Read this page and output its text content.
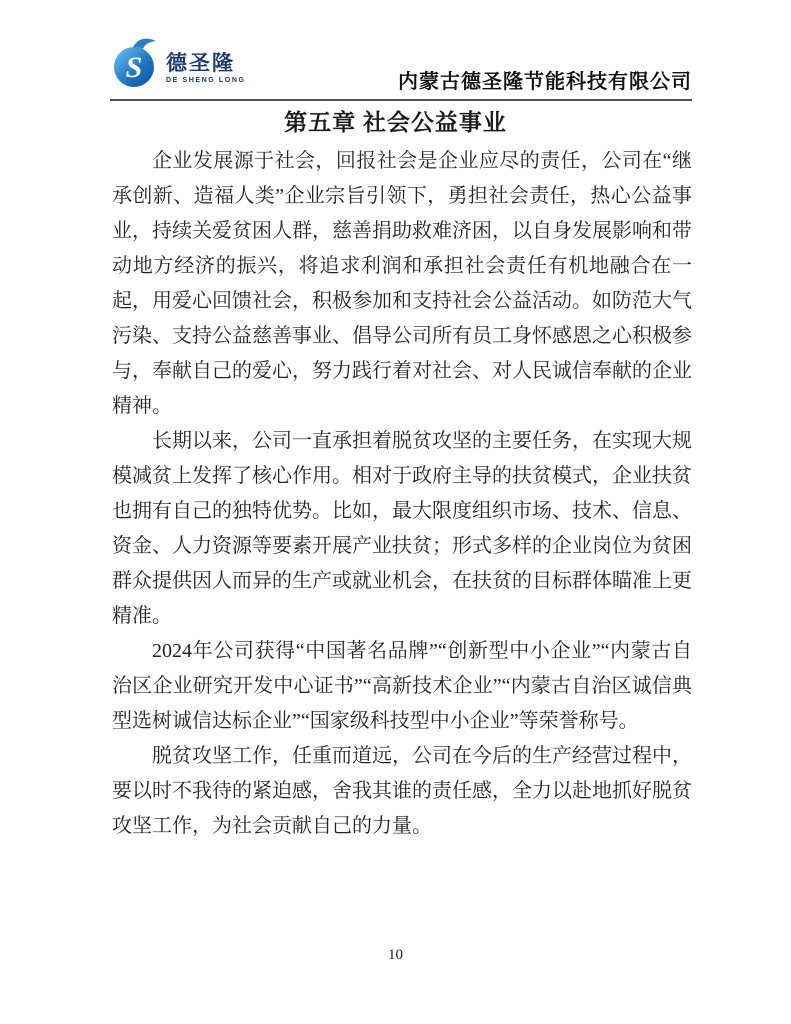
S 德圣隆
DE SHENG LONG	内蒙古德圣隆节能科技有限公司
第五章 社会公益事业

企业发展源于社会，回报社会是企业应尽的责任，公司在“继承创新、造福人类”企业宗旨引领下，勇担社会责任，热心公益事业，持续关爱贫困人群，慈善捐助救难济困，以自身发展影响和带动地方经济的振兴，将追求利润和承担社会责任有机地融合在一起，用爱心回馈社会，积极参加和支持社会公益活动。如防范大气污染、支持公益慈善事业、倡导公司所有员工身怀感恩之心积极参与，奉献自己的爱心，努力践行着对社会、对人民诚信奉献的企业精神。

长期以来，公司一直承担着脱贫攻坚的主要任务，在实现大规模减贫上发挥了核心作用。相对于政府主导的扶贫模式，企业扶贫也拥有自己的独特优势。比如，最大限度组织市场、技术、信息、资金、人力资源等要素开展产业扶贫；形式多样的企业岗位为贫困群众提供因人而异的生产或就业机会，在扶贫的目标群体瞄准上更精准。

2024年公司获得“中国著名品牌”“创新型中小企业”“内蒙古自治区企业研究开发中心证书”“高新技术企业”“内蒙古自治区诚信典型选树诚信达标企业”“国家级科技型中小企业”等荣誉称号。

脱贫攻坚工作，任重而道远，公司在今后的生产经营过程中，要以时不我待的紧迫感，舍我其谁的责任感，全力以赴地抓好脱贫攻坚工作，为社会贡献自己的力量。

10
